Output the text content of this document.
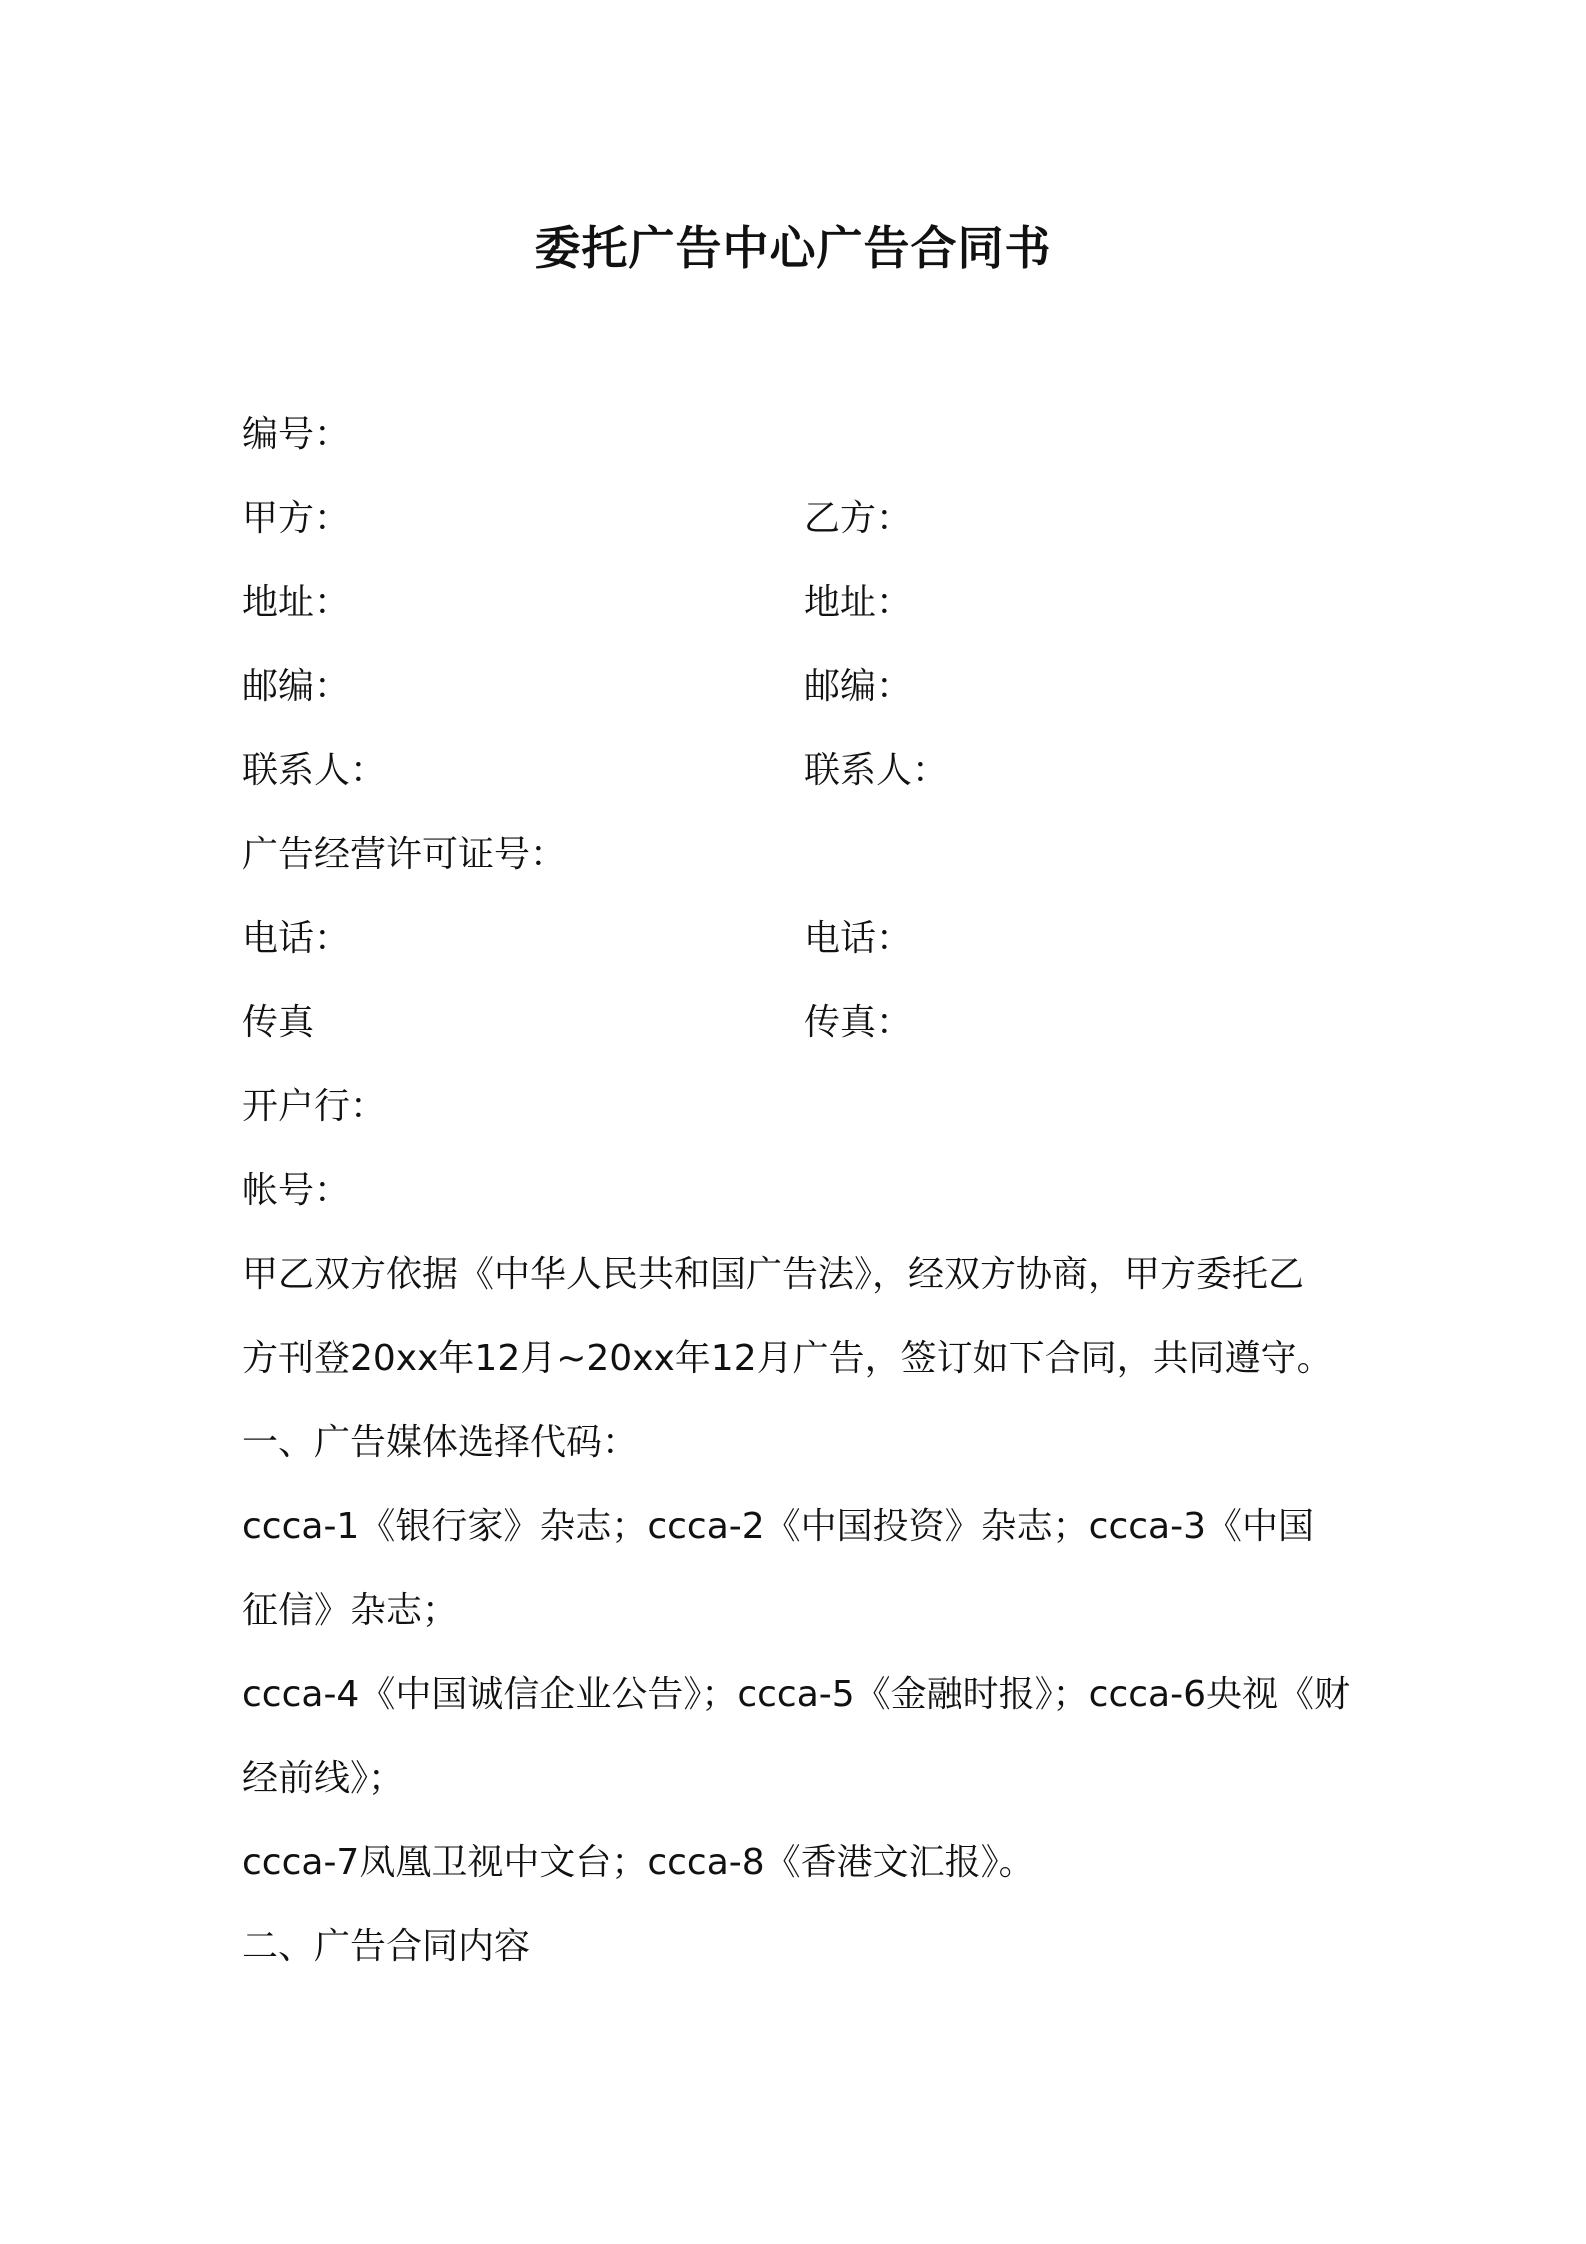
委托广告中心广告合同书
编号：
甲方：	乙方：
地址：	地址：
邮编：	邮编：
联系人：	联系人：
广告经营许可证号：
电话：	电话：
传真	传真：
开户行：
帐号：
甲乙双方依据《中华人民共和国广告法》，经双方协商，甲方委托乙
方刊登20xx年12月~20xx年12月广告，签订如下合同，共同遵守。
一、广告媒体选择代码：
ccca-1《银行家》杂志；ccca-2《中国投资》杂志；ccca-3《中国
征信》杂志；
ccca-4《中国诚信企业公告》；ccca-5《金融时报》；ccca-6央视《财
经前线》；
ccca-7凤凰卫视中文台；ccca-8《香港文汇报》。
二、广告合同内容
